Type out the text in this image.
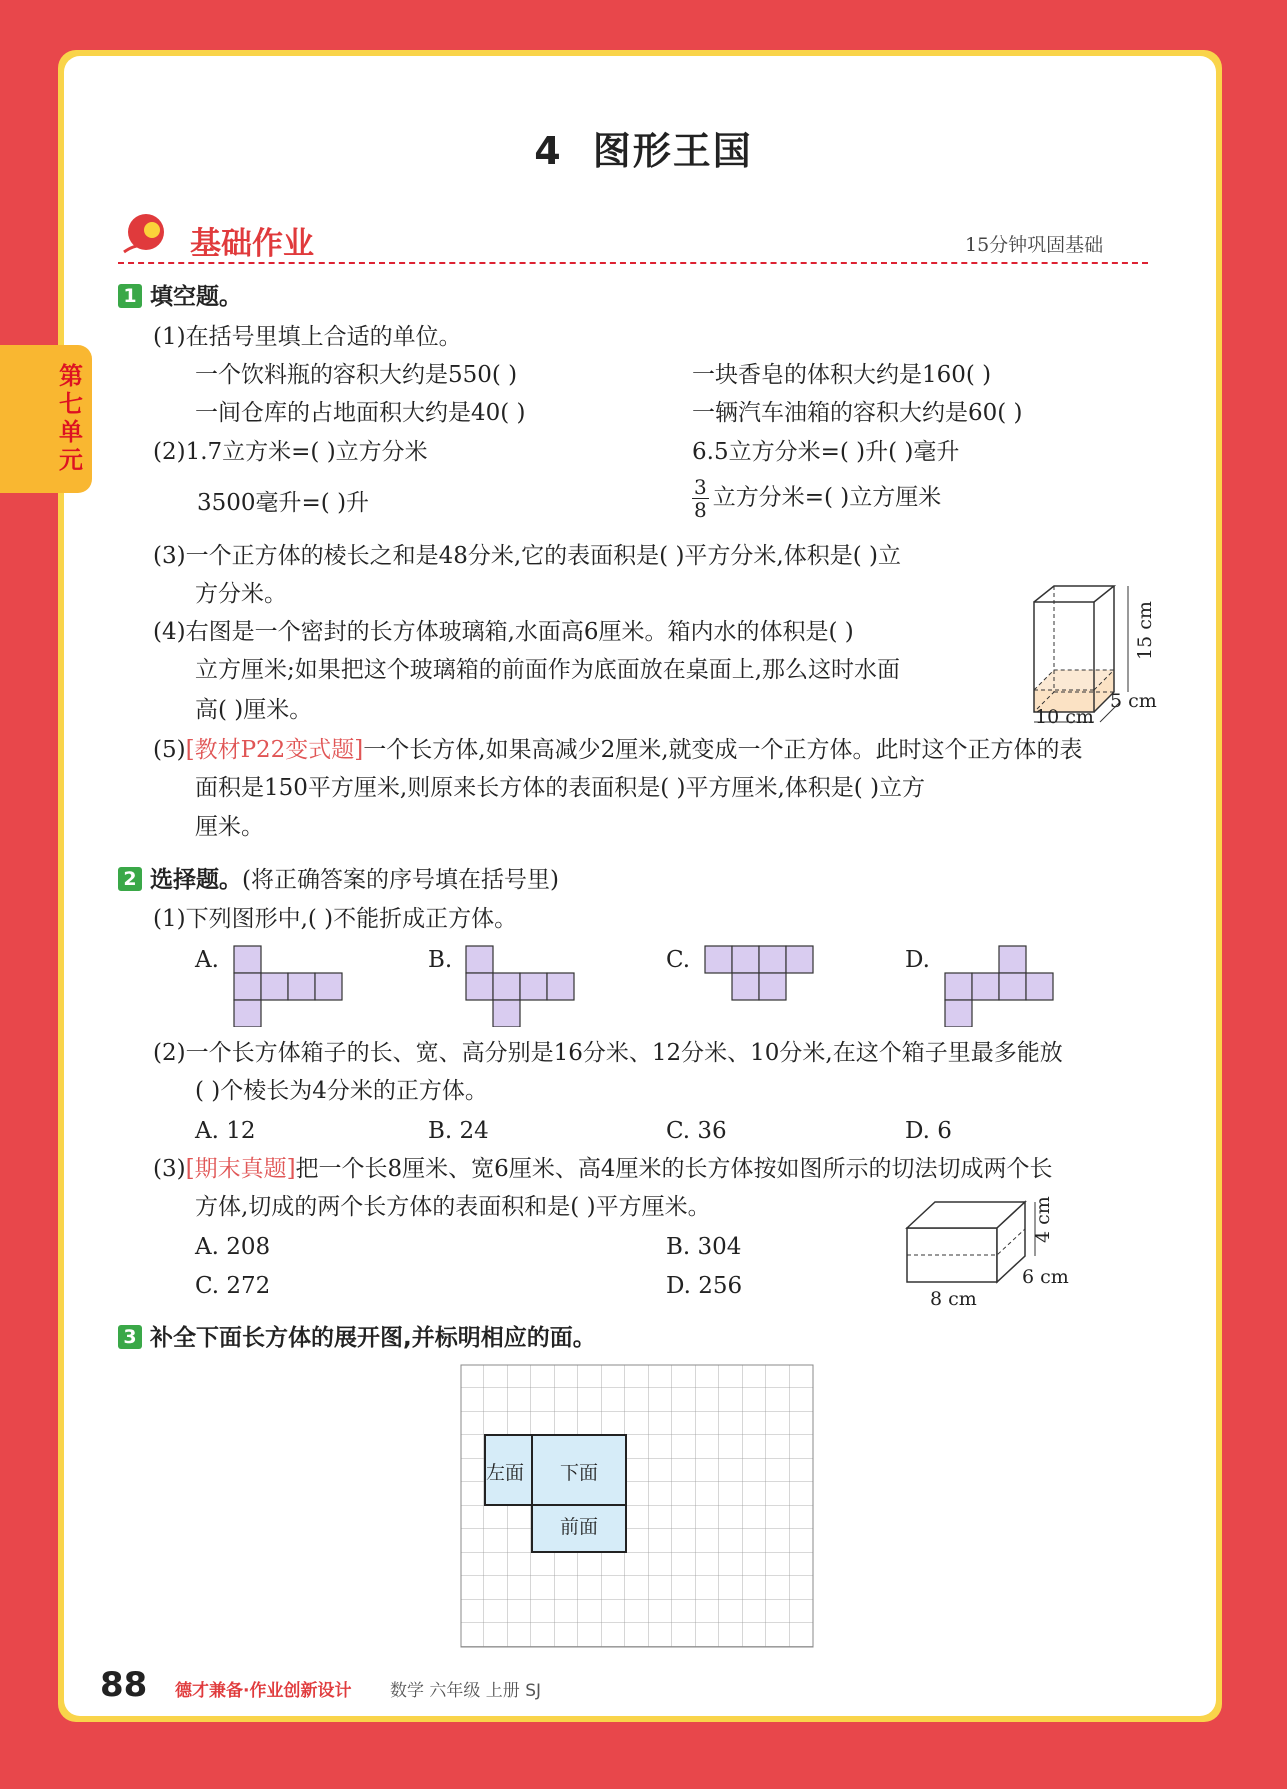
第七单元
4 图形王国
基础作业	15分钟巩固基础
1 填空题。
(1)在括号里填上合适的单位。
一个饮料瓶的容积大约是550( )	一块香皂的体积大约是160( )
一间仓库的占地面积大约是40( )	一辆汽车油箱的容积大约是60( )
(2)1.7立方米=( )立方分米	6.5立方分米=( )升( )毫升
3500毫升=( )升	$\frac{3}{8}$ 立方分米=( )立方厘米
(3)一个正方体的棱长之和是48分米,它的表面积是( )平方分米,体积是( )立
方分米。
(4)右图是一个密封的长方体玻璃箱,水面高6厘米。箱内水的体积是( )
立方厘米;如果把这个玻璃箱的前面作为底面放在桌面上,那么这时水面
高( )厘米。
15 cm
10 cm
5 cm
(5)[教材P22变式题]一个长方体,如果高减少2厘米,就变成一个正方体。此时这个正方体的表
面积是150平方厘米,则原来长方体的表面积是( )平方厘米,体积是( )立方
厘米。
2 选择题。(将正确答案的序号填在括号里)
(1)下列图形中,( )不能折成正方体。
A.	B.	C.	D.
(2)一个长方体箱子的长、宽、高分别是16分米、12分米、10分米,在这个箱子里最多能放
( )个棱长为4分米的正方体。
A. 12	B. 24	C. 36	D. 6
(3)[期末真题]把一个长8厘米、宽6厘米、高4厘米的长方体按如图所示的切法切成两个长
方体,切成的两个长方体的表面积和是( )平方厘米。
A. 208	B. 304
C. 272	D. 256
4 cm
6 cm
8 cm
3 补全下面长方体的展开图,并标明相应的面。
左面 下面
前面
88 德才兼备·作业创新设计 数学 六年级 上册 SJ
